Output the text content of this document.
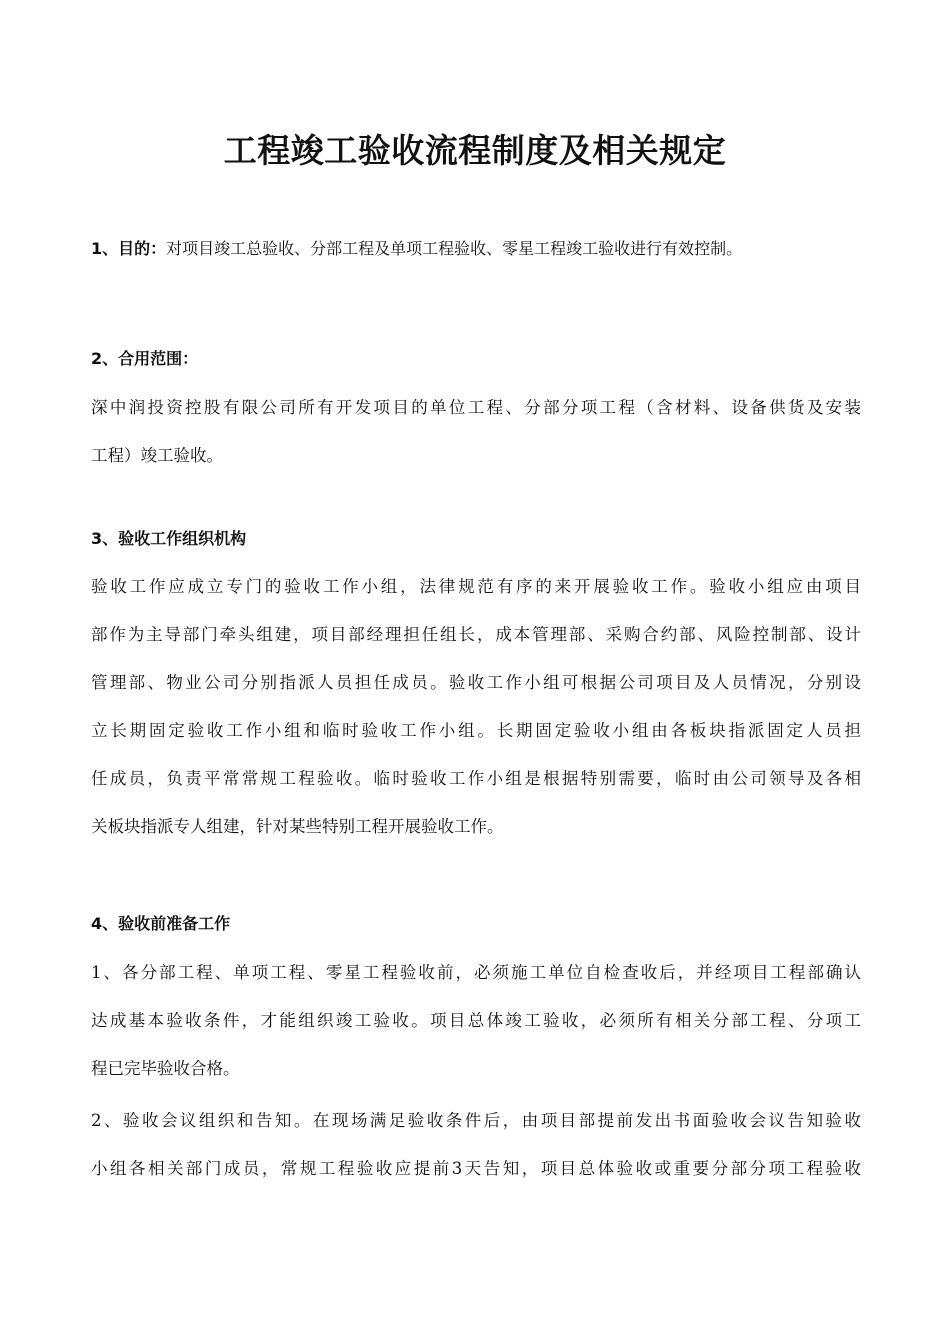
工程竣工验收流程制度及相关规定
1、目的：对项目竣工总验收、分部工程及单项工程验收、零星工程竣工验收进行有效控制。
2、合用范围：
深中润投资控股有限公司所有开发项目的单位工程、分部分项工程（含材料、设备供货及安装
工程）竣工验收。
3、验收工作组织机构
验收工作应成立专门的验收工作小组，法律规范有序的来开展验收工作。验收小组应由项目
部作为主导部门牵头组建，项目部经理担任组长，成本管理部、采购合约部、风险控制部、设计
管理部、物业公司分别指派人员担任成员。验收工作小组可根据公司项目及人员情况，分别设
立长期固定验收工作小组和临时验收工作小组。长期固定验收小组由各板块指派固定人员担
任成员，负责平常常规工程验收。临时验收工作小组是根据特别需要，临时由公司领导及各相
关板块指派专人组建，针对某些特别工程开展验收工作。
4、验收前准备工作
1、各分部工程、单项工程、零星工程验收前，必须施工单位自检查收后，并经项目工程部确认
达成基本验收条件，才能组织竣工验收。项目总体竣工验收，必须所有相关分部工程、分项工
程已完毕验收合格。
2、验收会议组织和告知。在现场满足验收条件后，由项目部提前发出书面验收会议告知验收
小组各相关部门成员，常规工程验收应提前3天告知，项目总体验收或重要分部分项工程验收
